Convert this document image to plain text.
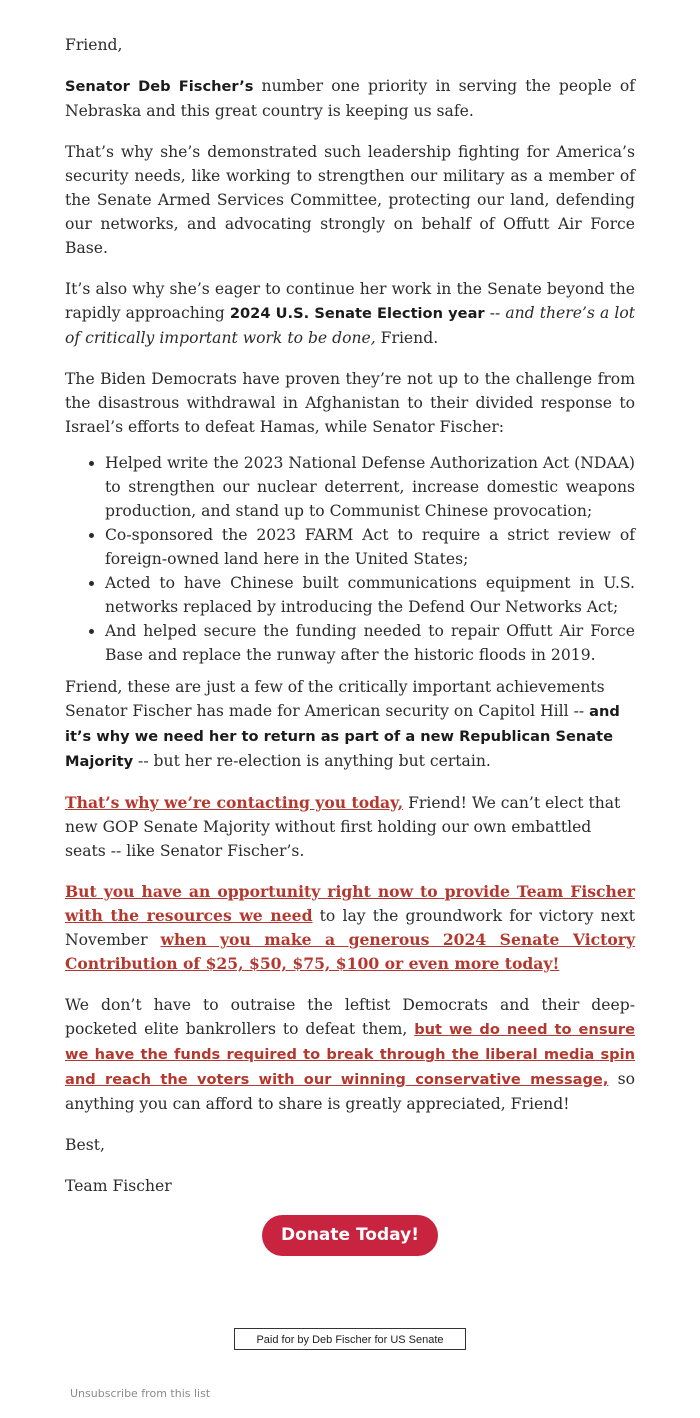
Friend,

Senator Deb Fischer’s number one priority in serving the people of Nebraska and this great country is keeping us safe.

That’s why she’s demonstrated such leadership fighting for America’s security needs, like working to strengthen our military as a member of the Senate Armed Services Committee, protecting our land, defending our networks, and advocating strongly on behalf of Offutt Air Force Base.

It’s also why she’s eager to continue her work in the Senate beyond the rapidly approaching 2024 U.S. Senate Election year -- and there’s a lot of critically important work to be done, Friend.

The Biden Democrats have proven they’re not up to the challenge from the disastrous withdrawal in Afghanistan to their divided response to Israel’s efforts to defeat Hamas, while Senator Fischer:

• Helped write the 2023 National Defense Authorization Act (NDAA) to strengthen our nuclear deterrent, increase domestic weapons production, and stand up to Communist Chinese provocation;
• Co-sponsored the 2023 FARM Act to require a strict review of foreign-owned land here in the United States;
• Acted to have Chinese built communications equipment in U.S. networks replaced by introducing the Defend Our Networks Act;
• And helped secure the funding needed to repair Offutt Air Force Base and replace the runway after the historic floods in 2019.

Friend, these are just a few of the critically important achievements Senator Fischer has made for American security on Capitol Hill -- and it’s why we need her to return as part of a new Republican Senate Majority -- but her re-election is anything but certain.

That’s why we’re contacting you today, Friend! We can’t elect that new GOP Senate Majority without first holding our own embattled seats -- like Senator Fischer’s.

But you have an opportunity right now to provide Team Fischer with the resources we need to lay the groundwork for victory next November when you make a generous 2024 Senate Victory Contribution of $25, $50, $75, $100 or even more today!

We don’t have to outraise the leftist Democrats and their deep-pocketed elite bankrollers to defeat them, but we do need to ensure we have the funds required to break through the liberal media spin and reach the voters with our winning conservative message, so anything you can afford to share is greatly appreciated, Friend!

Best,

Team Fischer

Donate Today!
Paid for by Deb Fischer for US Senate
Unsubscribe from this list
